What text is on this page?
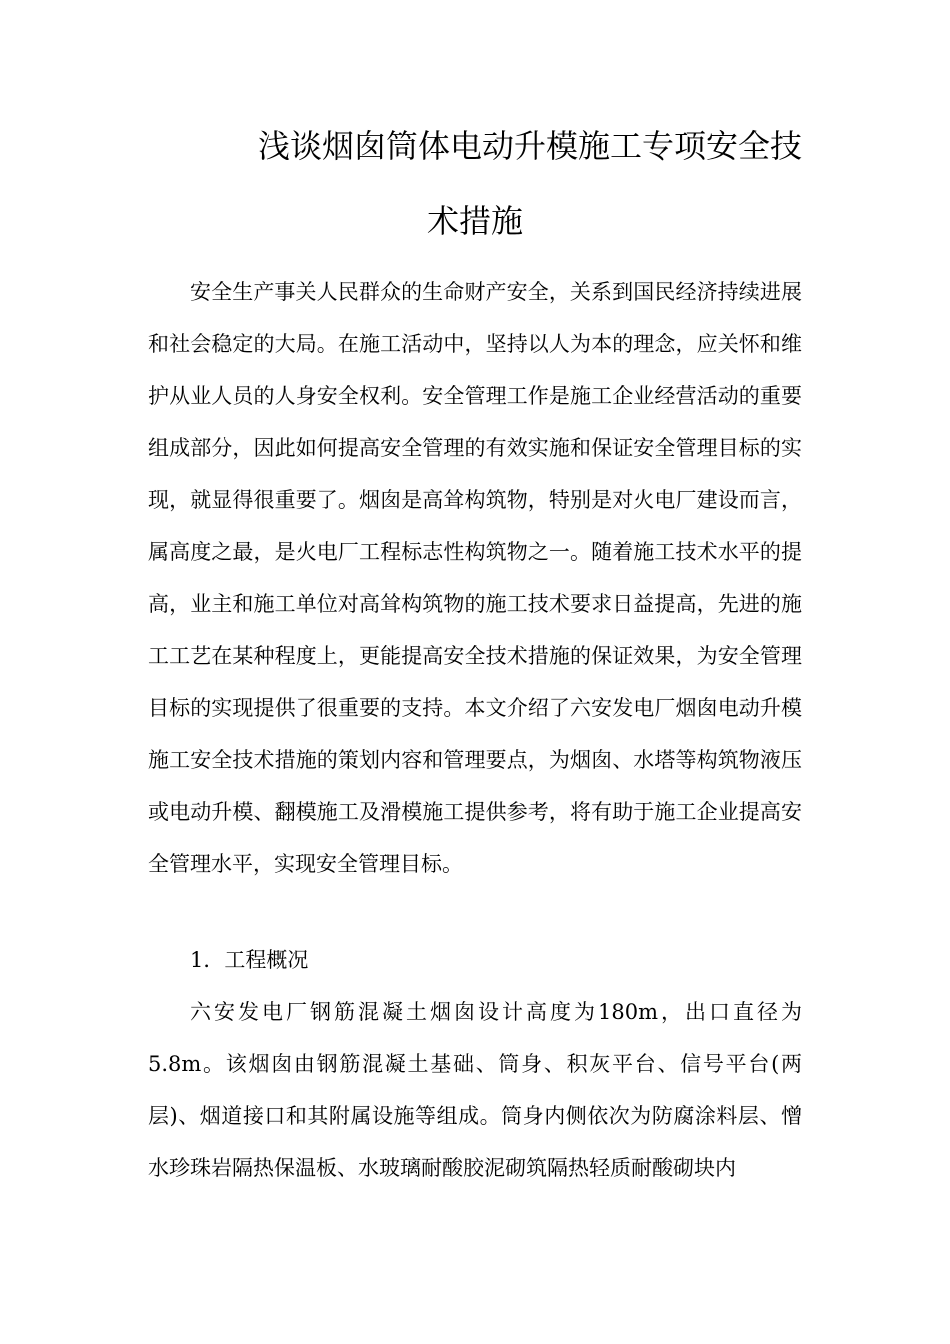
浅谈烟囱筒体电动升模施工专项安全技
术措施

安全生产事关人民群众的生命财产安全，关系到国民经济持续进展和社会稳定的大局。在施工活动中，坚持以人为本的理念，应关怀和维护从业人员的人身安全权利。安全管理工作是施工企业经营活动的重要组成部分，因此如何提高安全管理的有效实施和保证安全管理目标的实现，就显得很重要了。烟囱是高耸构筑物，特别是对火电厂建设而言，属高度之最，是火电厂工程标志性构筑物之一。随着施工技术水平的提高，业主和施工单位对高耸构筑物的施工技术要求日益提高，先进的施工工艺在某种程度上，更能提高安全技术措施的保证效果，为安全管理目标的实现提供了很重要的支持。本文介绍了六安发电厂烟囱电动升模施工安全技术措施的策划内容和管理要点，为烟囱、水塔等构筑物液压或电动升模、翻模施工及滑模施工提供参考，将有助于施工企业提高安全管理水平，实现安全管理目标。

1．工程概况

六安发电厂钢筋混凝土烟囱设计高度为180m，出口直径为5.8m。该烟囱由钢筋混凝土基础、筒身、积灰平台、信号平台(两层)、烟道接口和其附属设施等组成。筒身内侧依次为防腐涂料层、憎水珍珠岩隔热保温板、水玻璃耐酸胶泥砌筑隔热轻质耐酸砌块内
